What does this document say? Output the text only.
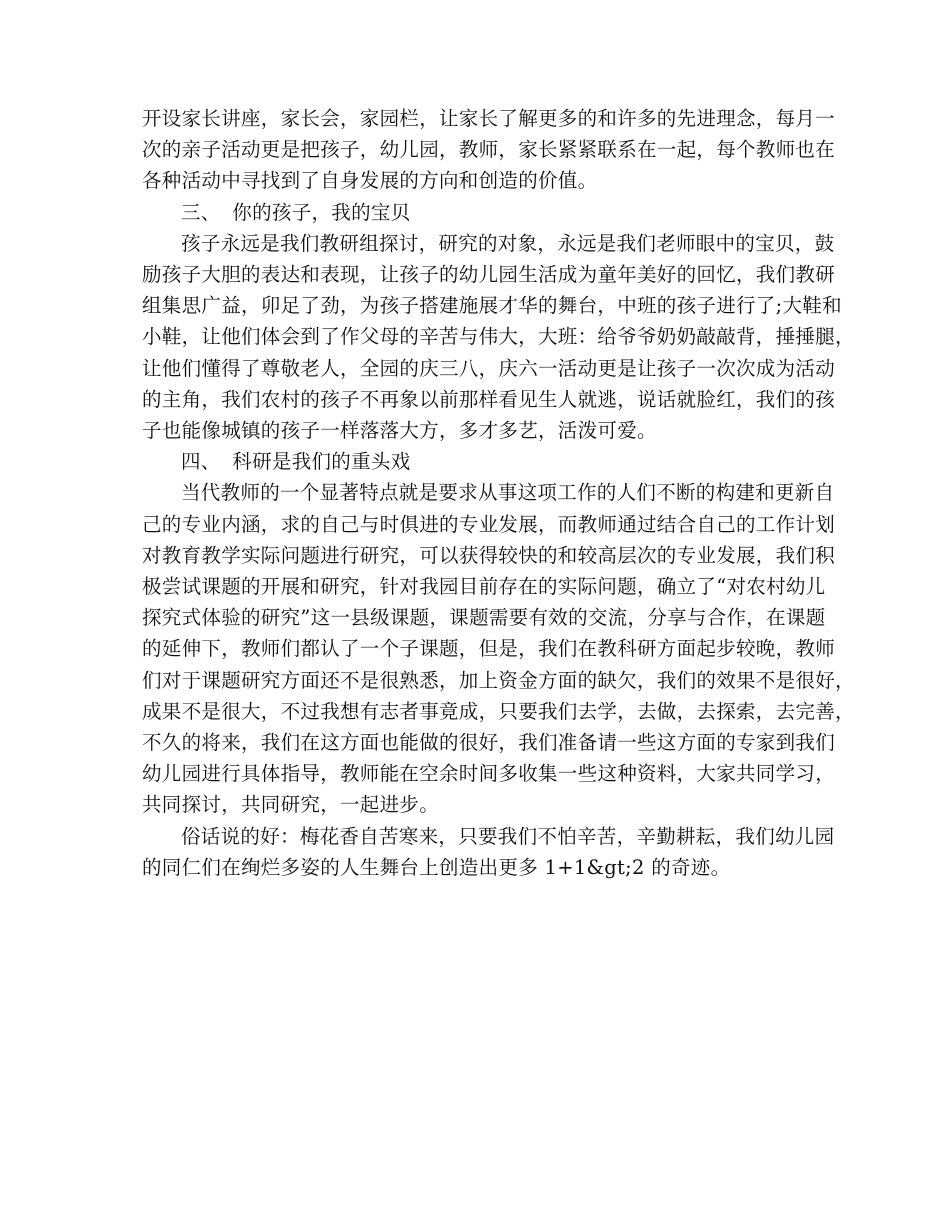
开设家长讲座，家长会，家园栏，让家长了解更多的和许多的先进理念，每月一
次的亲子活动更是把孩子，幼儿园，教师，家长紧紧联系在一起，每个教师也在
各种活动中寻找到了自身发展的方向和创造的价值。
三、 你的孩子，我的宝贝
孩子永远是我们教研组探讨，研究的对象，永远是我们老师眼中的宝贝，鼓
励孩子大胆的表达和表现，让孩子的幼儿园生活成为童年美好的回忆，我们教研
组集思广益，卯足了劲，为孩子搭建施展才华的舞台，中班的孩子进行了;大鞋和
小鞋，让他们体会到了作父母的辛苦与伟大，大班：给爷爷奶奶敲敲背，捶捶腿，
让他们懂得了尊敬老人，全园的庆三八，庆六一活动更是让孩子一次次成为活动
的主角，我们农村的孩子不再象以前那样看见生人就逃，说话就脸红，我们的孩
子也能像城镇的孩子一样落落大方，多才多艺，活泼可爱。
四、 科研是我们的重头戏
当代教师的一个显著特点就是要求从事这项工作的人们不断的构建和更新自
己的专业内涵，求的自己与时俱进的专业发展，而教师通过结合自己的工作计划
对教育教学实际问题进行研究，可以获得较快的和较高层次的专业发展，我们积
极尝试课题的开展和研究，针对我园目前存在的实际问题，确立了“对农村幼儿
探究式体验的研究”这一县级课题，课题需要有效的交流，分享与合作，在课题
的延伸下，教师们都认了一个子课题，但是，我们在教科研方面起步较晚，教师
们对于课题研究方面还不是很熟悉，加上资金方面的缺欠，我们的效果不是很好，
成果不是很大，不过我想有志者事竟成，只要我们去学，去做，去探索，去完善，
不久的将来，我们在这方面也能做的很好，我们准备请一些这方面的专家到我们
幼儿园进行具体指导，教师能在空余时间多收集一些这种资料，大家共同学习，
共同探讨，共同研究，一起进步。
俗话说的好：梅花香自苦寒来，只要我们不怕辛苦，辛勤耕耘，我们幼儿园
的同仁们在绚烂多姿的人生舞台上创造出更多 1+1&gt;2 的奇迹。
